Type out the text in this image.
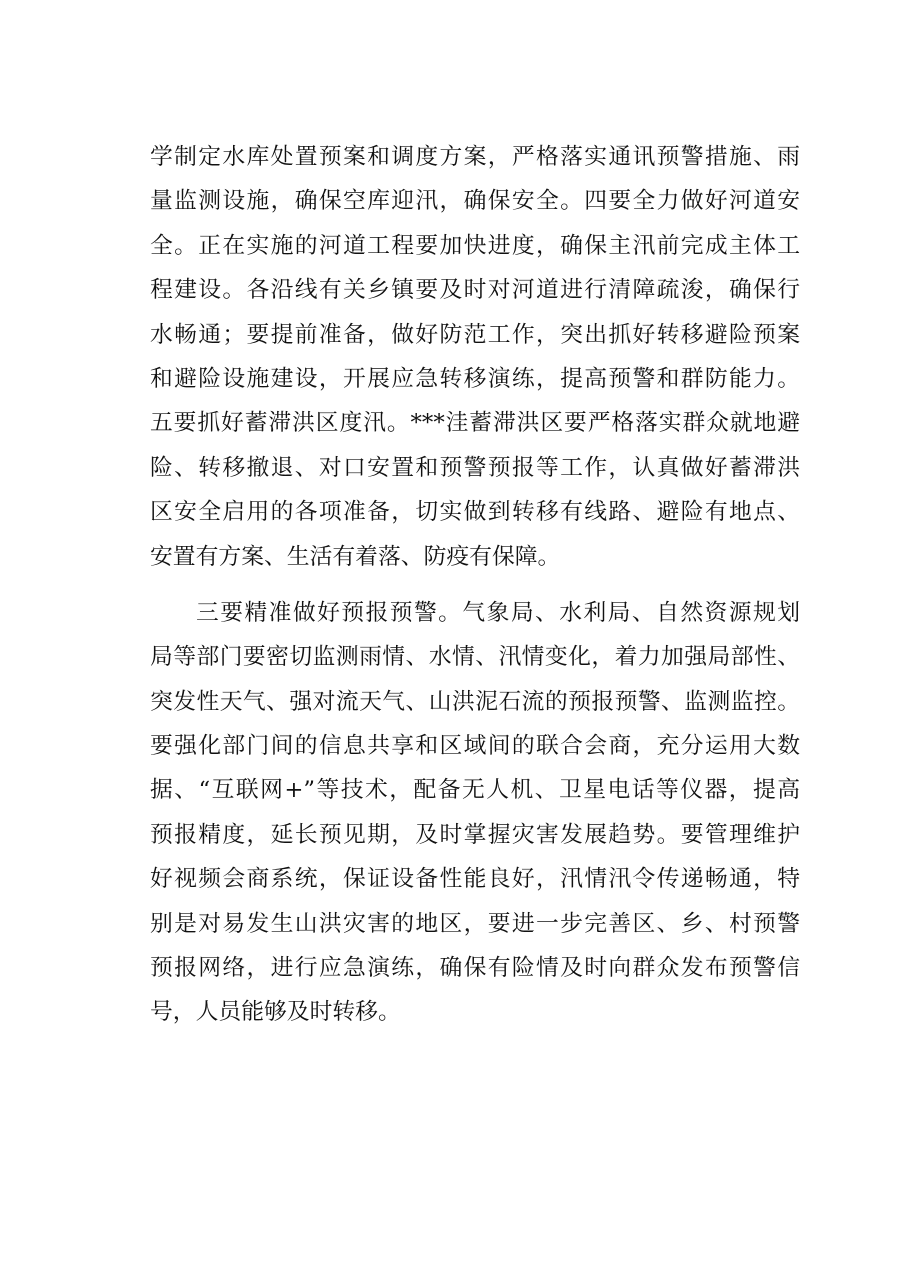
学制定水库处置预案和调度方案，严格落实通讯预警措施、雨
量监测设施，确保空库迎汛，确保安全。四要全力做好河道安
全。正在实施的河道工程要加快进度，确保主汛前完成主体工
程建设。各沿线有关乡镇要及时对河道进行清障疏浚，确保行
水畅通；要提前准备，做好防范工作，突出抓好转移避险预案
和避险设施建设，开展应急转移演练，提高预警和群防能力。
五要抓好蓄滞洪区度汛。***洼蓄滞洪区要严格落实群众就地避
险、转移撤退、对口安置和预警预报等工作，认真做好蓄滞洪
区安全启用的各项准备，切实做到转移有线路、避险有地点、
安置有方案、生活有着落、防疫有保障。
三要精准做好预报预警。气象局、水利局、自然资源规划
局等部门要密切监测雨情、水情、汛情变化，着力加强局部性、
突发性天气、强对流天气、山洪泥石流的预报预警、监测监控。
要强化部门间的信息共享和区域间的联合会商，充分运用大数
据、“互联网+”等技术，配备无人机、卫星电话等仪器，提高
预报精度，延长预见期，及时掌握灾害发展趋势。要管理维护
好视频会商系统，保证设备性能良好，汛情汛令传递畅通，特
别是对易发生山洪灾害的地区，要进一步完善区、乡、村预警
预报网络，进行应急演练，确保有险情及时向群众发布预警信
号，人员能够及时转移。
